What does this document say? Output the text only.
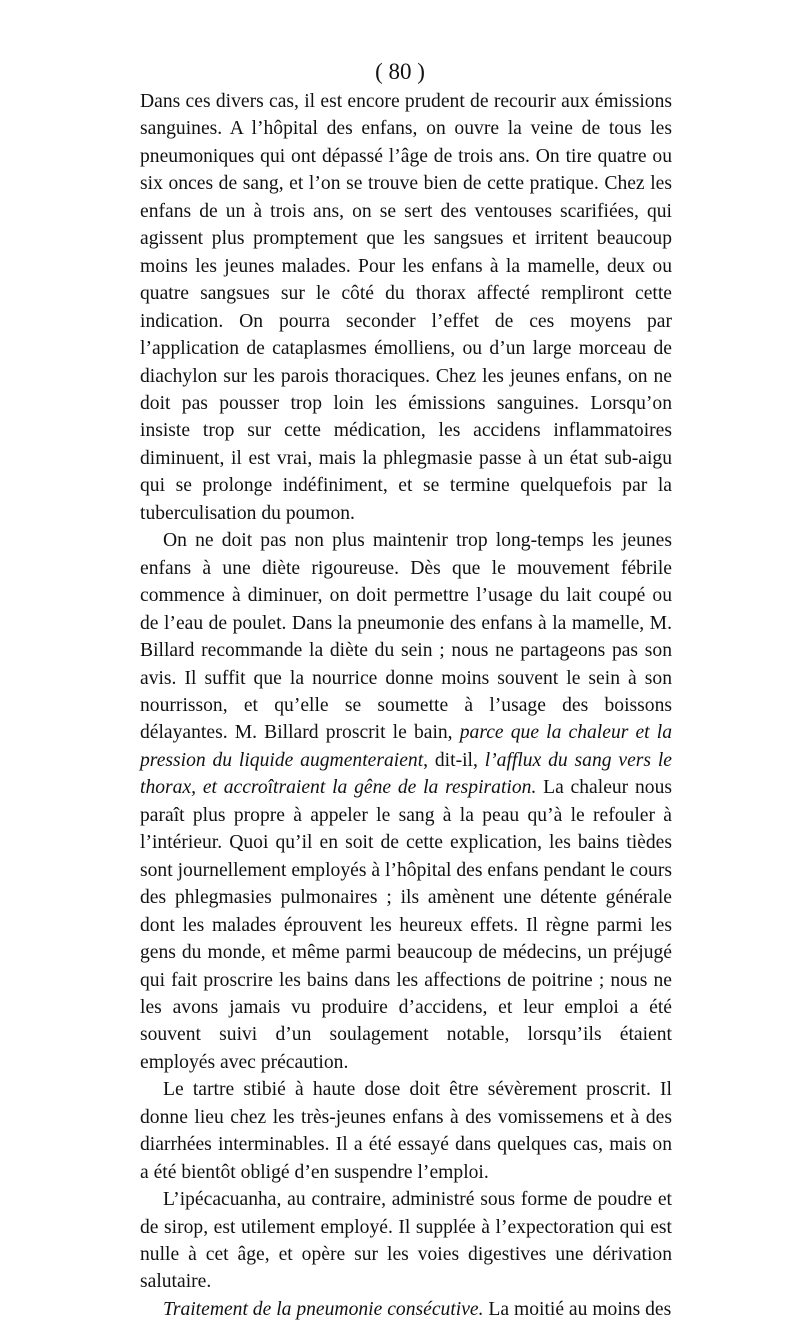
( 80 )

Dans ces divers cas, il est encore prudent de recourir aux émissions sanguines. A l’hôpital des enfans, on ouvre la veine de tous les pneumoniques qui ont dépassé l’âge de trois ans. On tire quatre ou six onces de sang, et l’on se trouve bien de cette pratique. Chez les enfans de un à trois ans, on se sert des ventouses scarifiées, qui agissent plus promptement que les sangsues et irritent beaucoup moins les jeunes malades. Pour les enfans à la mamelle, deux ou quatre sangsues sur le côté du thorax affecté rempliront cette indication. On pourra seconder l’effet de ces moyens par l’application de cataplasmes émolliens, ou d’un large morceau de diachylon sur les parois thoraciques. Chez les jeunes enfans, on ne doit pas pousser trop loin les émissions sanguines. Lorsqu’on insiste trop sur cette médication, les accidens inflammatoires diminuent, il est vrai, mais la phlegmasie passe à un état sub-aigu qui se prolonge indéfiniment, et se termine quelquefois par la tuberculisation du poumon.

On ne doit pas non plus maintenir trop long-temps les jeunes enfans à une diète rigoureuse. Dès que le mouvement fébrile commence à diminuer, on doit permettre l’usage du lait coupé ou de l’eau de poulet. Dans la pneumonie des enfans à la mamelle, M. Billard recommande la diète du sein ; nous ne partageons pas son avis. Il suffit que la nourrice donne moins souvent le sein à son nourrisson, et qu’elle se soumette à l’usage des boissons délayantes. M. Billard proscrit le bain, parce que la chaleur et la pression du liquide augmenteraient, dit-il, l’afflux du sang vers le thorax, et accroîtraient la gêne de la respiration. La chaleur nous paraît plus propre à appeler le sang à la peau qu’à le refouler à l’intérieur. Quoi qu’il en soit de cette explication, les bains tièdes sont journellement employés à l’hôpital des enfans pendant le cours des phlegmasies pulmonaires ; ils amènent une détente générale dont les malades éprouvent les heureux effets. Il règne parmi les gens du monde, et même parmi beaucoup de médecins, un préjugé qui fait proscrire les bains dans les affections de poitrine ; nous ne les avons jamais vu produire d’accidens, et leur emploi a été souvent suivi d’un soulagement notable, lorsqu’ils étaient employés avec précaution.

Le tartre stibié à haute dose doit être sévèrement proscrit. Il donne lieu chez les très-jeunes enfans à des vomissemens et à des diarrhées interminables. Il a été essayé dans quelques cas, mais on a été bientôt obligé d’en suspendre l’emploi.

L’ipécacuanha, au contraire, administré sous forme de poudre et de sirop, est utilement employé. Il supplée à l’expectoration qui est nulle à cet âge, et opère sur les voies digestives une dérivation salutaire.

Traitement de la pneumonie consécutive. La moitié au moins des
